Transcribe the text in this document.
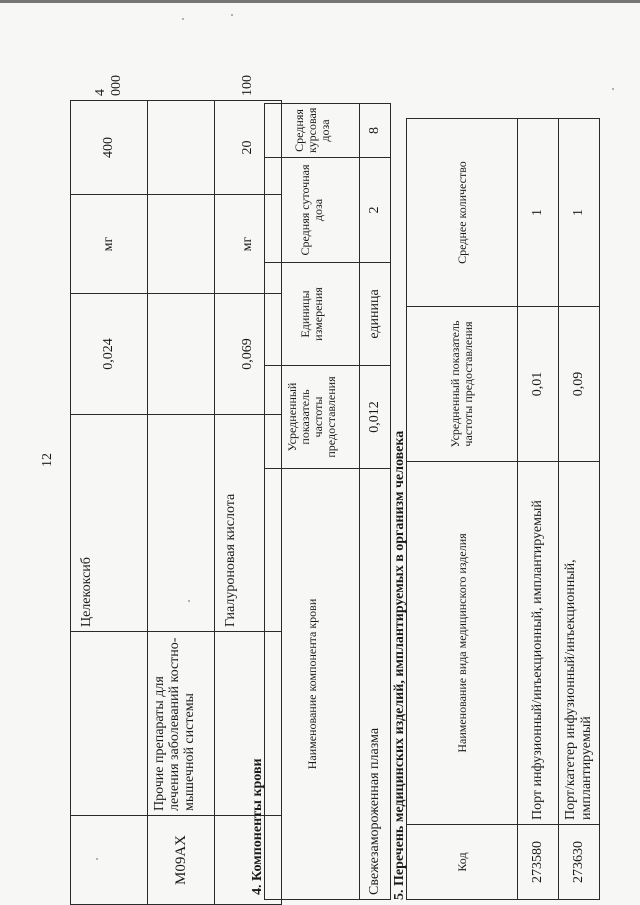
12
		Целекоксиб	0,024	мг	400	4 000
M09AX	Прочие препараты для лечения заболеваний костно-мышечной системы					
		Гиалуроновая кислота	0,069	мг	20	100
4. Компоненты крови
Наименование компонента крови	Усредненный показатель частоты предоставления	Единицы измерения	Средняя суточная доза	Средняя курсовая доза
Свежезамороженная плазма	0,012	единица	2	8
5. Перечень медицинских изделий, имплантируемых в организм человека	Код	Наименование вида медицинского изделия	Усредненный показатель частоты предоставления	Среднее количество
273580	Порт инфузионный/инъекционный, имплантируемый	0,01	1
273630	Порт/катетер инфузионный/инъекционный, имплантируемый	0,09	1
